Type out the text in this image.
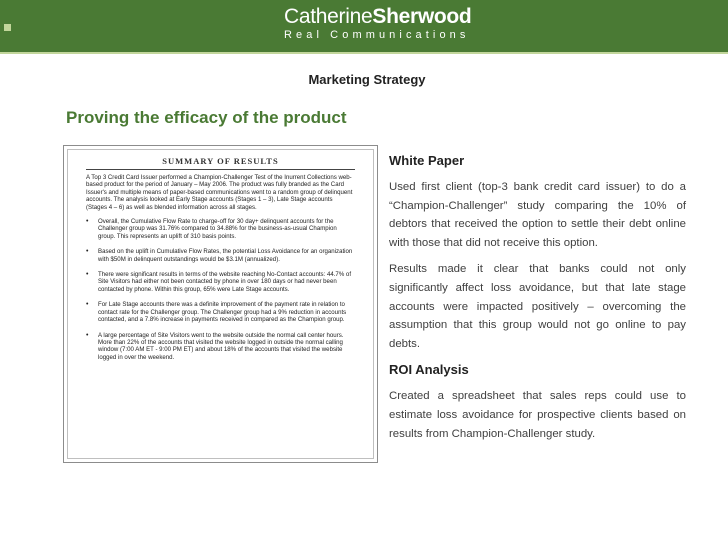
CatherineSherwood
Real Communications
Marketing Strategy
Proving the efficacy of the product
SUMMARY OF RESULTS
A Top 3 Credit Card Issuer performed a Champion-Challenger Test of the Inurrent Collections web-based product for the period of January – May 2006. The product was fully branded as the Card Issuer's and multiple means of paper-based communications went to a random group of delinquent accounts. The analysis looked at Early Stage accounts (Stages 1 – 3), Late Stage accounts (Stages 4 – 6) as well as blended information across all stages.
•	Overall, the Cumulative Flow Rate to charge-off for 30 day+ delinquent accounts for the Challenger group was 31.76% compared to 34.88% for the business-as-usual Champion group. This represents an uplift of 310 basis points.
•	Based on the uplift in Cumulative Flow Rates, the potential Loss Avoidance for an organization with $50M in delinquent outstandings would be $3.1M (annualized).
•	There were significant results in terms of the website reaching No-Contact accounts: 44.7% of Site Visitors had either not been contacted by phone in over 180 days or had never been contacted by phone. Within this group, 65% were Late Stage accounts.
•	For Late Stage accounts there was a definite improvement of the payment rate in relation to contact rate for the Challenger group. The Challenger group had a 9% reduction in accounts contacted, and a 7.8% increase in payments received in compared as the Champion group.
•	A large percentage of Site Visitors went to the website outside the normal call center hours. More than 22% of the accounts that visited the website logged in outside the normal calling window (7:00 AM ET - 9:00 PM ET) and about 18% of the accounts that visited the website logged in over the weekend.
White Paper

Used first client (top-3 bank credit card issuer) to do a “Champion-Challenger” study comparing the 10% of debtors that received the option to settle their debt online with those that did not receive this option.

Results made it clear that banks could not only significantly affect loss avoidance, but that late stage accounts were impacted positively – overcoming the assumption that this group would not go online to pay debts.

ROI Analysis

Created a spreadsheet that sales reps could use to estimate loss avoidance for prospective clients based on results from Champion-Challenger study.
